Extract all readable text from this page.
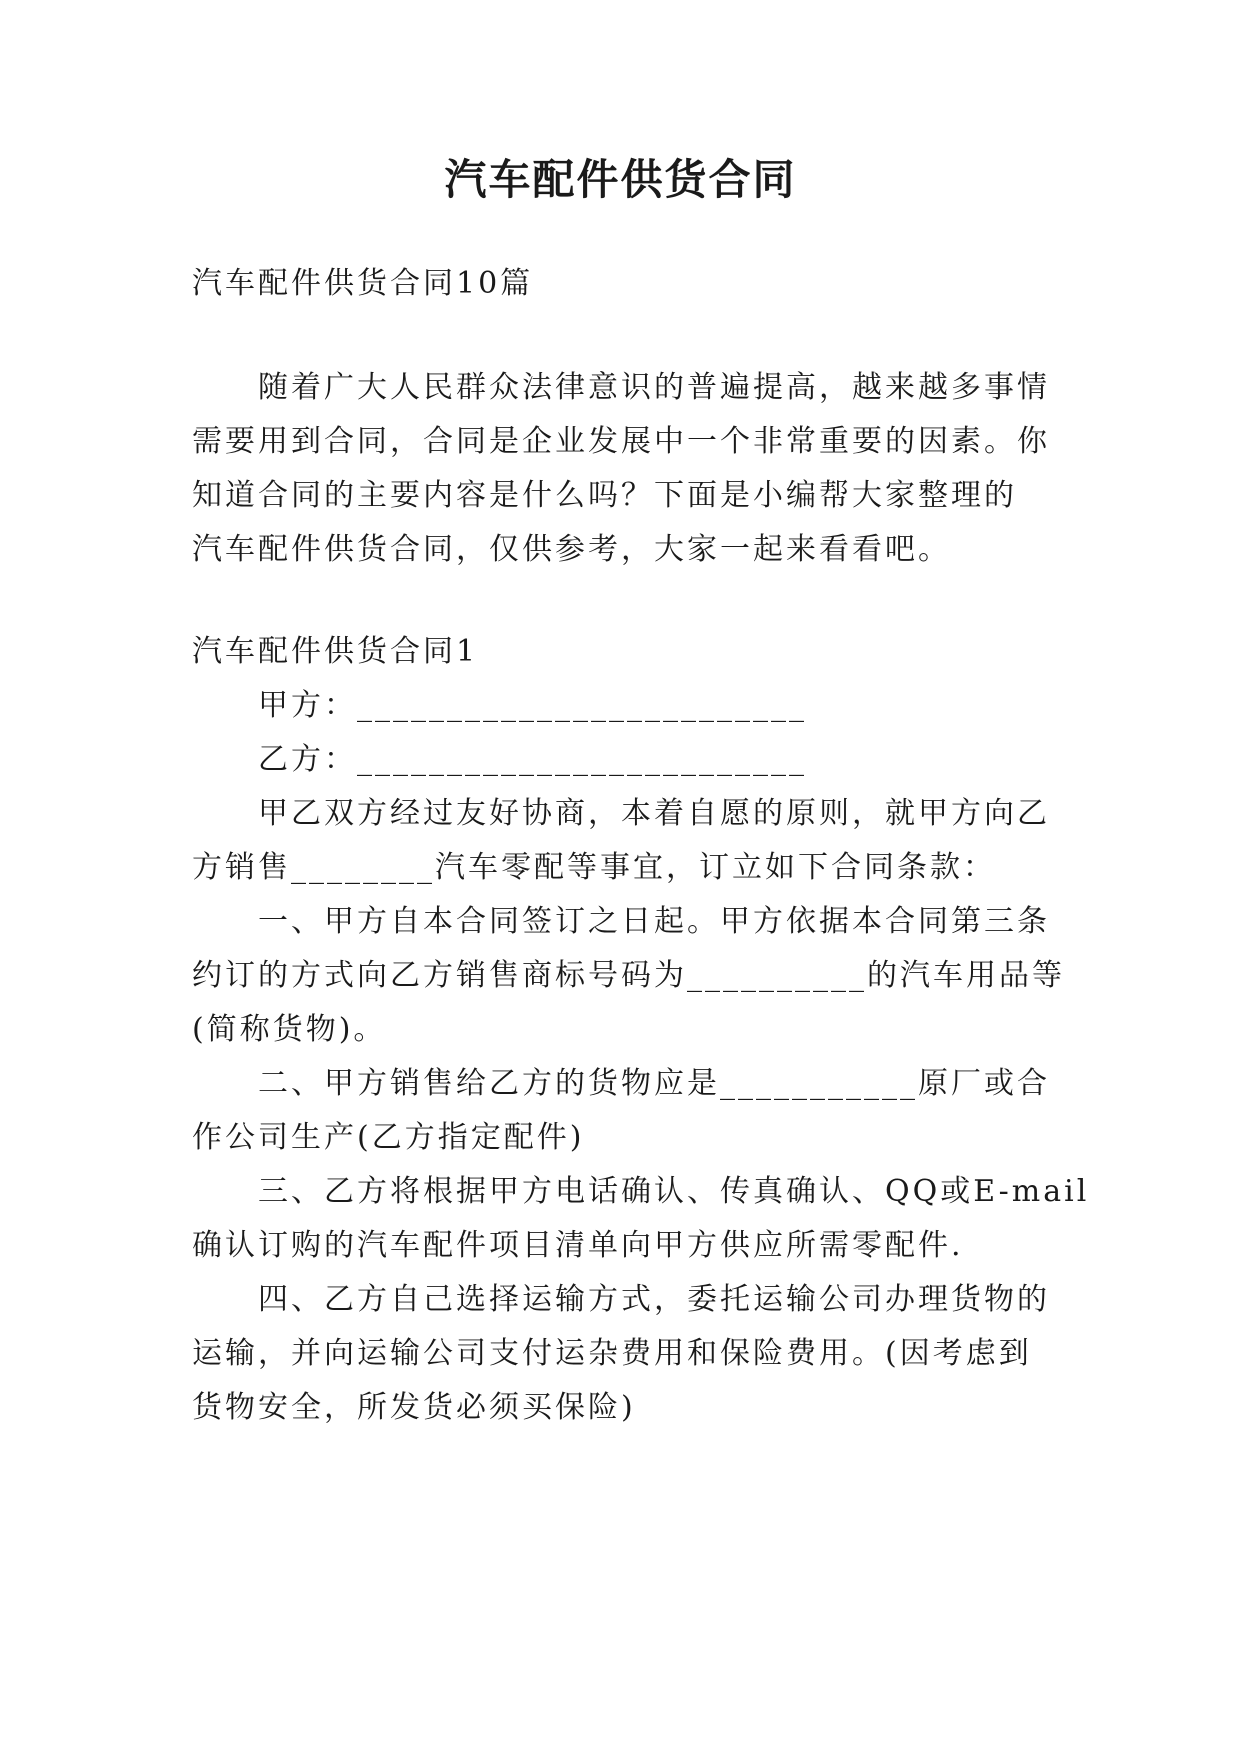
汽车配件供货合同
汽车配件供货合同10篇
随着广大人民群众法律意识的普遍提高，越来越多事情
需要用到合同，合同是企业发展中一个非常重要的因素。你
知道合同的主要内容是什么吗？下面是小编帮大家整理的
汽车配件供货合同，仅供参考，大家一起来看看吧。
汽车配件供货合同1
甲方：_________________________
乙方：_________________________
甲乙双方经过友好协商，本着自愿的原则，就甲方向乙
方销售________汽车零配等事宜，订立如下合同条款：
一、甲方自本合同签订之日起。甲方依据本合同第三条
约订的方式向乙方销售商标号码为__________的汽车用品等
(简称货物)。
二、甲方销售给乙方的货物应是___________原厂或合
作公司生产(乙方指定配件)
三、乙方将根据甲方电话确认、传真确认、QQ或E-mail
确认订购的汽车配件项目清单向甲方供应所需零配件.
四、乙方自己选择运输方式，委托运输公司办理货物的
运输，并向运输公司支付运杂费用和保险费用。(因考虑到
货物安全，所发货必须买保险)
